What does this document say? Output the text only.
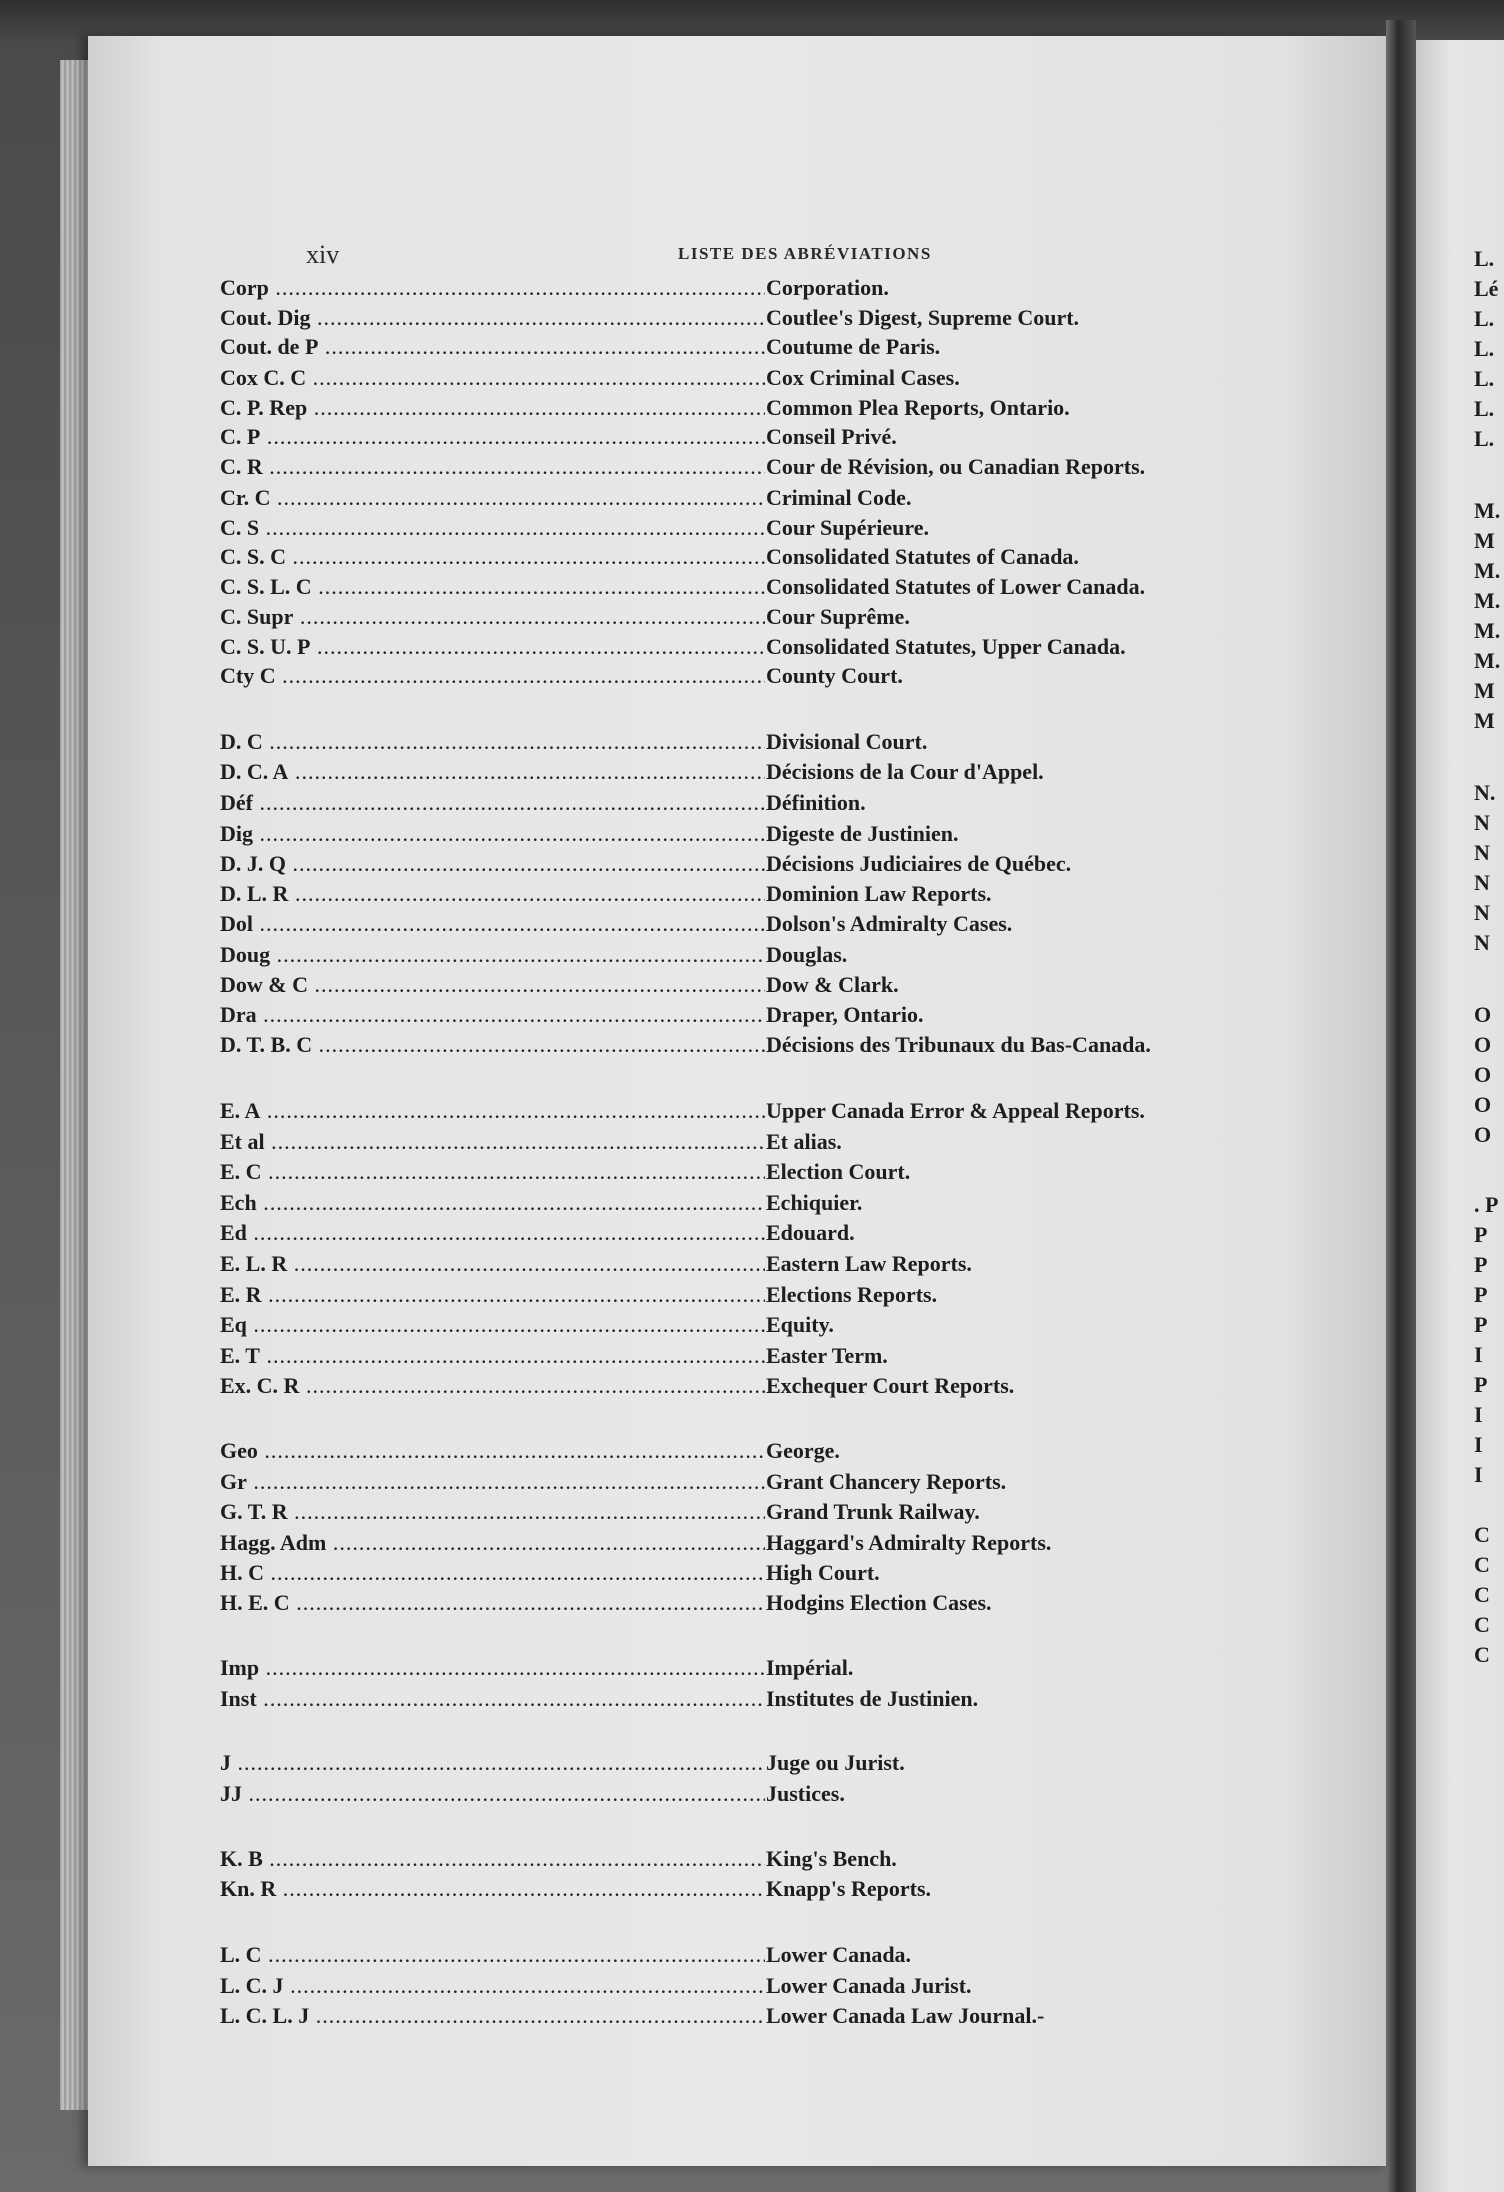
xiv	LISTE DES ABRÉVIATIONS
Corp .....	Corporation.
Cout. Dig .....	Coutlee's Digest, Supreme Court.
Cout. de P .....	Coutume de Paris.
Cox C. C .....	Cox Criminal Cases.
C. P. Rep .....	Common Plea Reports, Ontario.
C. P .....	Conseil Privé.
C. R .....	Cour de Révision, ou Canadian Reports.
Cr. C .....	Criminal Code.
C. S .....	Cour Supérieure.
C. S. C .....	Consolidated Statutes of Canada.
C. S. L. C .....	Consolidated Statutes of Lower Canada.
C. Supr .....	Cour Suprême.
C. S. U. P .....	Consolidated Statutes, Upper Canada.
Cty C .....	County Court.
D. C .....	Divisional Court.
D. C. A .....	Décisions de la Cour d'Appel.
Déf .....	Définition.
Dig .....	Digeste de Justinien.
D. J. Q .....	Décisions Judiciaires de Québec.
D. L. R .....	Dominion Law Reports.
Dol .....	Dolson's Admiralty Cases.
Doug .....	Douglas.
Dow & C .....	Dow & Clark.
Dra .....	Draper, Ontario.
D. T. B. C .....	Décisions des Tribunaux du Bas-Canada.
E. A .....	Upper Canada Error & Appeal Reports.
Et al .....	Et alias.
E. C .....	Election Court.
Ech .....	Echiquier.
Ed .....	Edouard.
E. L. R .....	Eastern Law Reports.
E. R .....	Elections Reports.
Eq .....	Equity.
E. T .....	Easter Term.
Ex. C. R .....	Exchequer Court Reports.
Geo .....	George.
Gr .....	Grant Chancery Reports.
G. T. R .....	Grand Trunk Railway.
Hagg. Adm .....	Haggard's Admiralty Reports.
H. C .....	High Court.
H. E. C .....	Hodgins Election Cases.
Imp .....	Impérial.
Inst .....	Institutes de Justinien.
J .....	Juge ou Jurist.
JJ .....	Justices.
K. B .....	King's Bench.
Kn. R .....	Knapp's Reports.
L. C .....	Lower Canada.
L. C. J .....	Lower Canada Jurist.
L. C. L. J .....	Lower Canada Law Journal.-
L.
Lé
L.
L.
L.
L.
L.
M.
M
M.
M.
M.
M.
M
M
N.
N
N
N
N
N
O
O
O
O
O
. P
P
P
P
P
I
P
I
I
I
C
C
C
C
C
